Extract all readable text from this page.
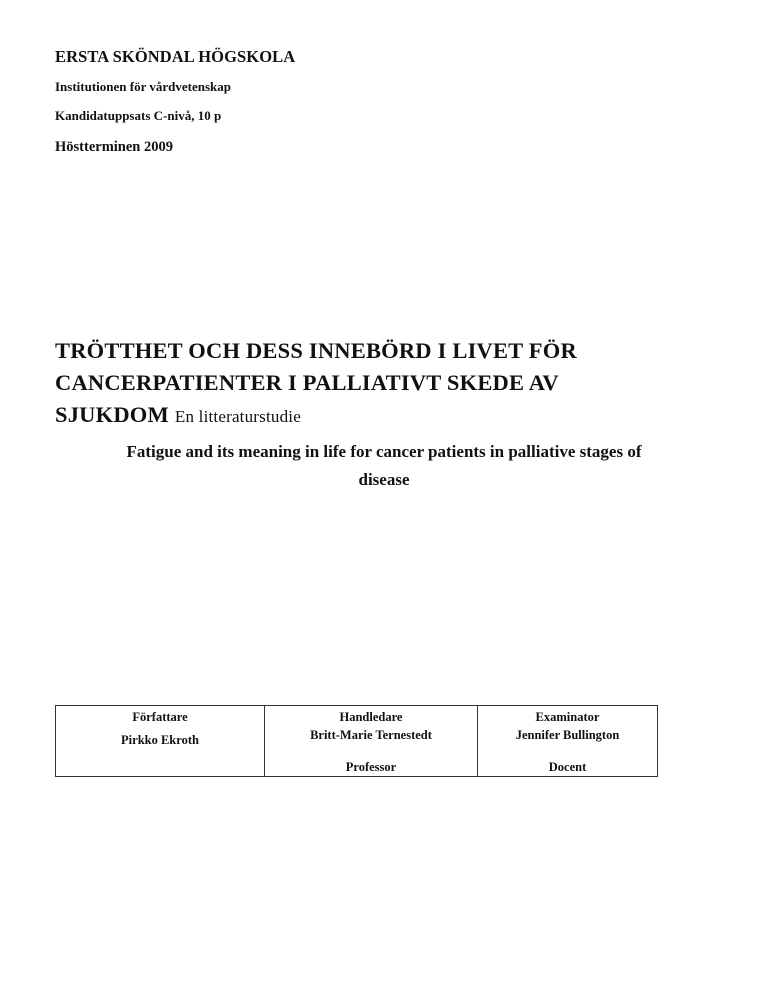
ERSTA SKÖNDAL HÖGSKOLA
Institutionen för vårdvetenskap
Kandidatuppsats C-nivå, 10 p
Höstterminen 2009
TRÖTTHET OCH DESS INNEBÖRD I LIVET FÖR
CANCERPATIENTER I PALLIATIVT SKEDE AV
SJUKDOM En litteraturstudie
Fatigue and its meaning in life for cancer patients in palliative stages of
disease
Författare
Pirkko Ekroth

Handledare
Britt-Marie Ternestedt
Professor

Examinator
Jennifer Bullington
Docent
